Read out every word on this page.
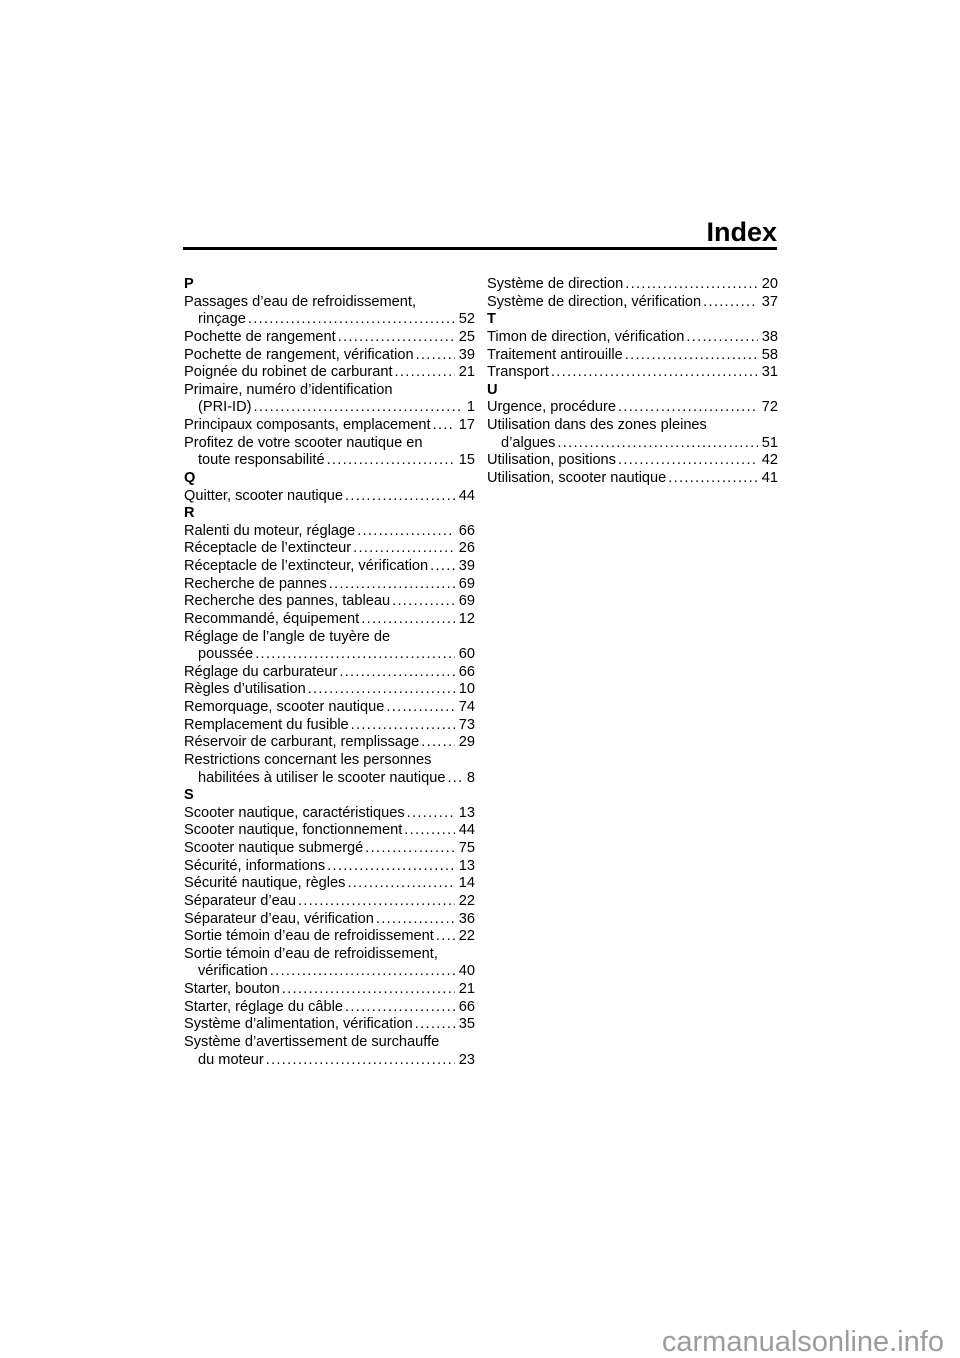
Index
P
Passages d’eau de refroidissement,
rinçage .....	52
Pochette de rangement .....	25
Pochette de rangement, vérification .....	39
Poignée du robinet de carburant .....	21
Primaire, numéro d’identification
(PRI-ID) .....	1
Principaux composants, emplacement ..... 17
Profitez de votre scooter nautique en
toute responsabilité .....	15
Q
Quitter, scooter nautique .....	44
R
Ralenti du moteur, réglage .....	66
Réceptacle de l’extincteur .....	26
Réceptacle de l’extincteur, vérification ..... 39
Recherche de pannes .....	69
Recherche des pannes, tableau .....	69
Recommandé, équipement .....	12
Réglage de l’angle de tuyère de
poussée .....	60
Réglage du carburateur .....	66
Règles d’utilisation .....	10
Remorquage, scooter nautique .....	74
Remplacement du fusible .....	73
Réservoir de carburant, remplissage .....	29
Restrictions concernant les personnes
habilitées à utiliser le scooter nautique ..... 8
S
Scooter nautique, caractéristiques .....	13
Scooter nautique, fonctionnement .....	44
Scooter nautique submergé .....	75
Sécurité, informations .....	13
Sécurité nautique, règles .....	14
Séparateur d’eau .....	22
Séparateur d’eau, vérification .....	36
Sortie témoin d’eau de refroidissement ..... 22
Sortie témoin d’eau de refroidissement,
vérification .....	40
Starter, bouton .....	21
Starter, réglage du câble .....	66
Système d’alimentation, vérification .....	35
Système d’avertissement de surchauffe
du moteur .....	23
Système de direction .....	20
Système de direction, vérification .....	37
T
Timon de direction, vérification .....	38
Traitement antirouille .....	58
Transport .....	31
U
Urgence, procédure .....	72
Utilisation dans des zones pleines
d’algues .....	51
Utilisation, positions .....	42
Utilisation, scooter nautique .....	41
carmanualsonline.info
